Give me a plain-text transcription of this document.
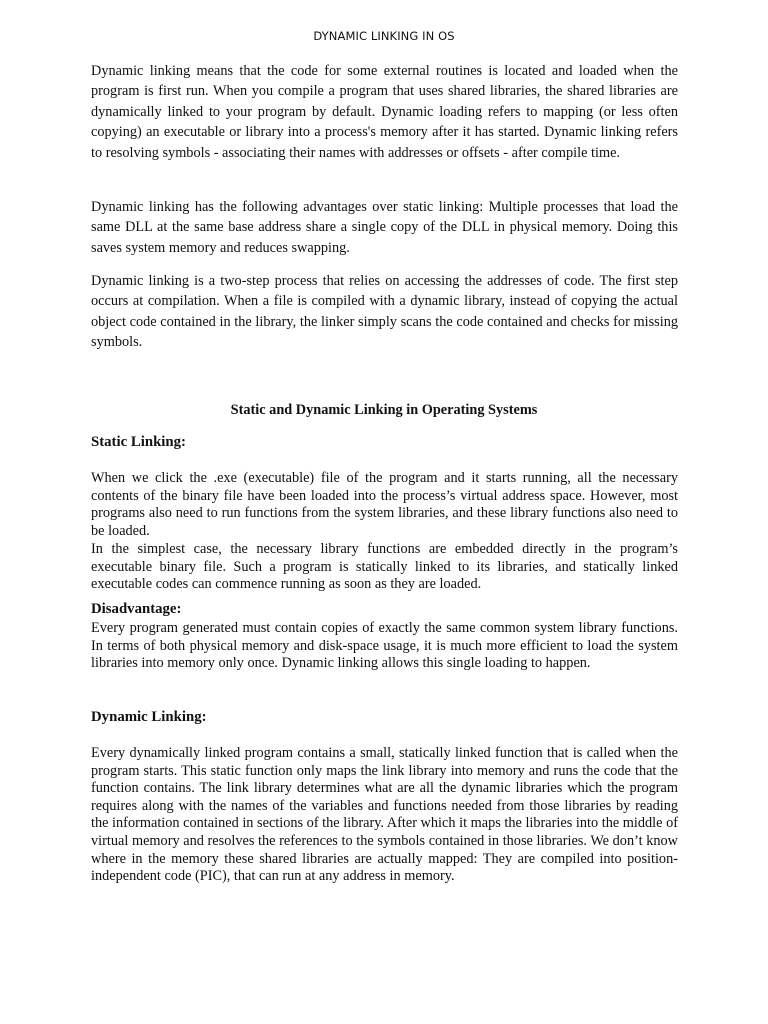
DYNAMIC LINKING IN OS

Dynamic linking means that the code for some external routines is located and loaded when the program is first run. When you compile a program that uses shared libraries, the shared libraries are dynamically linked to your program by default. Dynamic loading refers to mapping (or less often copying) an executable or library into a process's memory after it has started. Dynamic linking refers to resolving symbols - associating their names with addresses or offsets - after compile time.

Dynamic linking has the following advantages over static linking: Multiple processes that load the same DLL at the same base address share a single copy of the DLL in physical memory. Doing this saves system memory and reduces swapping.

Dynamic linking is a two-step process that relies on accessing the addresses of code. The first step occurs at compilation. When a file is compiled with a dynamic library, instead of copying the actual object code contained in the library, the linker simply scans the code contained and checks for missing symbols.

Static and Dynamic Linking in Operating Systems
Static Linking:

When we click the .exe (executable) file of the program and it starts running, all the necessary contents of the binary file have been loaded into the process’s virtual address space. However, most programs also need to run functions from the system libraries, and these library functions also need to be loaded.

In the simplest case, the necessary library functions are embedded directly in the program’s executable binary file. Such a program is statically linked to its libraries, and statically linked executable codes can commence running as soon as they are loaded.

Disadvantage:

Every program generated must contain copies of exactly the same common system library functions. In terms of both physical memory and disk-space usage, it is much more efficient to load the system libraries into memory only once. Dynamic linking allows this single loading to happen.

Dynamic Linking:

Every dynamically linked program contains a small, statically linked function that is called when the program starts. This static function only maps the link library into memory and runs the code that the function contains. The link library determines what are all the dynamic libraries which the program requires along with the names of the variables and functions needed from those libraries by reading the information contained in sections of the library. After which it maps the libraries into the middle of virtual memory and resolves the references to the symbols contained in those libraries. We don’t know where in the memory these shared libraries are actually mapped: They are compiled into position-independent code (PIC), that can run at any address in memory.
